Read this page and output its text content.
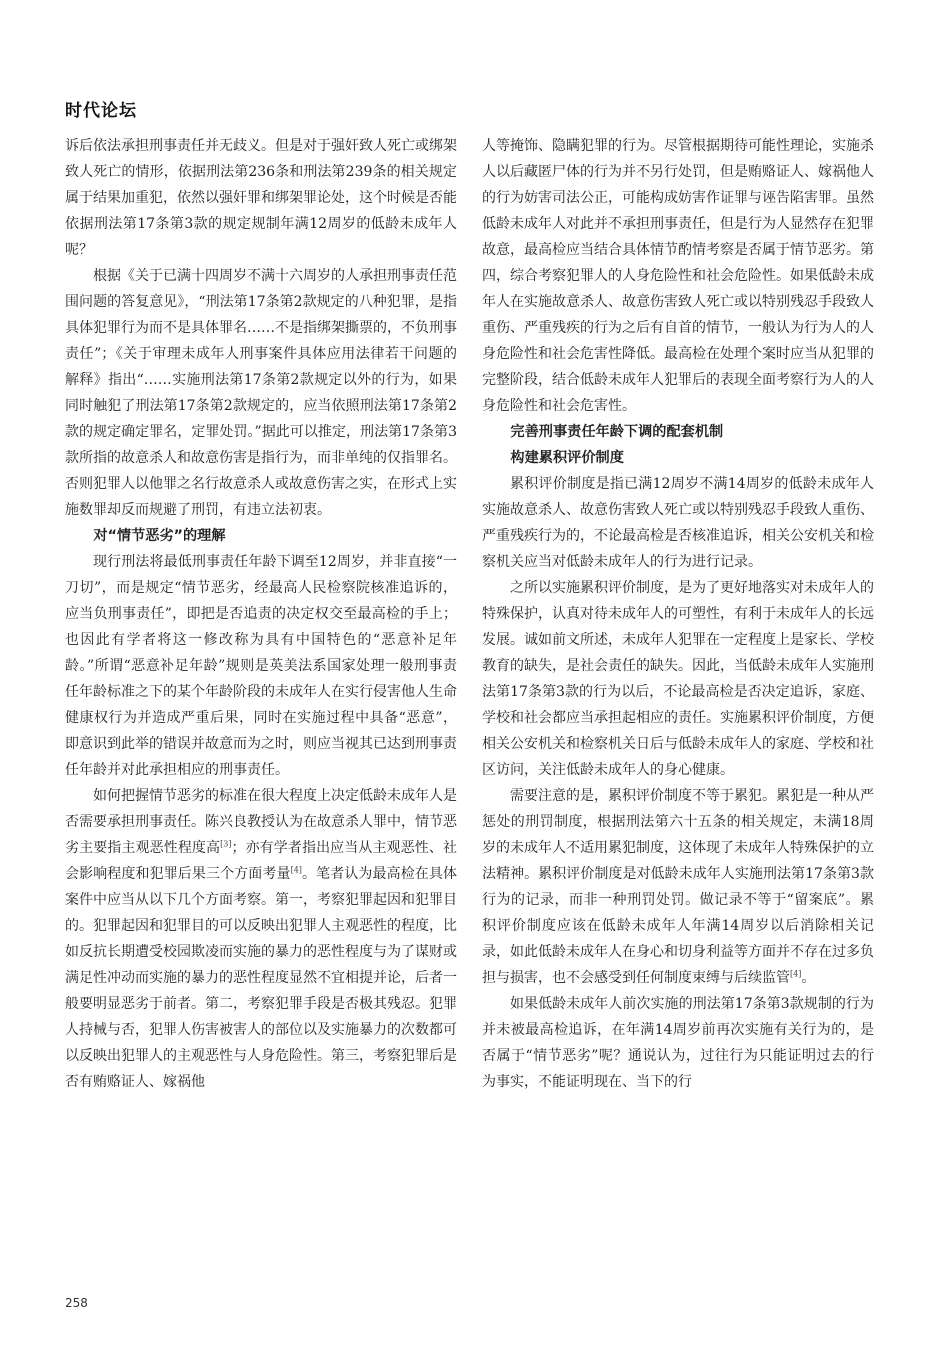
时代论坛

诉后依法承担刑事责任并无歧义。但是对于强奸致人死亡或绑架致人死亡的情形，依据刑法第236条和刑法第239条的相关规定属于结果加重犯，依然以强奸罪和绑架罪论处，这个时候是否能依据刑法第17条第3款的规定规制年满12周岁的低龄未成年人呢？

根据《关于已满十四周岁不满十六周岁的人承担刑事责任范围问题的答复意见》，“刑法第17条第2款规定的八种犯罪，是指具体犯罪行为而不是具体罪名……不是指绑架撕票的，不负刑事责任”；《关于审理未成年人刑事案件具体应用法律若干问题的解释》指出“……实施刑法第17条第2款规定以外的行为，如果同时触犯了刑法第17条第2款规定的，应当依照刑法第17条第2款的规定确定罪名，定罪处罚。”据此可以推定，刑法第17条第3款所指的故意杀人和故意伤害是指行为，而非单纯的仅指罪名。否则犯罪人以他罪之名行故意杀人或故意伤害之实，在形式上实施数罪却反而规避了刑罚，有违立法初衷。

对“情节恶劣”的理解

现行刑法将最低刑事责任年龄下调至12周岁，并非直接“一刀切”，而是规定“情节恶劣，经最高人民检察院核准追诉的，应当负刑事责任”，即把是否追责的决定权交至最高检的手上；也因此有学者将这一修改称为具有中国特色的“恶意补足年龄。”所谓“恶意补足年龄”规则是英美法系国家处理一般刑事责任年龄标准之下的某个年龄阶段的未成年人在实行侵害他人生命健康权行为并造成严重后果，同时在实施过程中具备“恶意”，即意识到此举的错误并故意而为之时，则应当视其已达到刑事责任年龄并对此承担相应的刑事责任。

如何把握情节恶劣的标准在很大程度上决定低龄未成年人是否需要承担刑事责任。陈兴良教授认为在故意杀人罪中，情节恶劣主要指主观恶性程度高[3]；亦有学者指出应当从主观恶性、社会影响程度和犯罪后果三个方面考量[4]。笔者认为最高检在具体案件中应当从以下几个方面考察。第一，考察犯罪起因和犯罪目的。犯罪起因和犯罪目的可以反映出犯罪人主观恶性的程度，比如反抗长期遭受校园欺凌而实施的暴力的恶性程度与为了谋财或满足性冲动而实施的暴力的恶性程度显然不宜相提并论，后者一般要明显恶劣于前者。第二，考察犯罪手段是否极其残忍。犯罪人持械与否，犯罪人伤害被害人的部位以及实施暴力的次数都可以反映出犯罪人的主观恶性与人身危险性。第三，考察犯罪后是否有贿赂证人、嫁祸他

人等掩饰、隐瞒犯罪的行为。尽管根据期待可能性理论，实施杀人以后藏匿尸体的行为并不另行处罚，但是贿赂证人、嫁祸他人的行为妨害司法公正，可能构成妨害作证罪与诬告陷害罪。虽然低龄未成年人对此并不承担刑事责任，但是行为人显然存在犯罪故意，最高检应当结合具体情节酌情考察是否属于情节恶劣。第四，综合考察犯罪人的人身危险性和社会危险性。如果低龄未成年人在实施故意杀人、故意伤害致人死亡或以特别残忍手段致人重伤、严重残疾的行为之后有自首的情节，一般认为行为人的人身危险性和社会危害性降低。最高检在处理个案时应当从犯罪的完整阶段，结合低龄未成年人犯罪后的表现全面考察行为人的人身危险性和社会危害性。

完善刑事责任年龄下调的配套机制
构建累积评价制度

累积评价制度是指已满12周岁不满14周岁的低龄未成年人实施故意杀人、故意伤害致人死亡或以特别残忍手段致人重伤、严重残疾行为的，不论最高检是否核准追诉，相关公安机关和检察机关应当对低龄未成年人的行为进行记录。

之所以实施累积评价制度，是为了更好地落实对未成年人的特殊保护，认真对待未成年人的可塑性，有利于未成年人的长远发展。诚如前文所述，未成年人犯罪在一定程度上是家长、学校教育的缺失，是社会责任的缺失。因此，当低龄未成年人实施刑法第17条第3款的行为以后，不论最高检是否决定追诉，家庭、学校和社会都应当承担起相应的责任。实施累积评价制度，方便相关公安机关和检察机关日后与低龄未成年人的家庭、学校和社区访问，关注低龄未成年人的身心健康。

需要注意的是，累积评价制度不等于累犯。累犯是一种从严惩处的刑罚制度，根据刑法第六十五条的相关规定，未满18周岁的未成年人不适用累犯制度，这体现了未成年人特殊保护的立法精神。累积评价制度是对低龄未成年人实施刑法第17条第3款行为的记录，而非一种刑罚处罚。做记录不等于“留案底”。累积评价制度应该在低龄未成年人年满14周岁以后消除相关记录，如此低龄未成年人在身心和切身利益等方面并不存在过多负担与损害，也不会感受到任何制度束缚与后续监管[4]。

如果低龄未成年人前次实施的刑法第17条第3款规制的行为并未被最高检追诉，在年满14周岁前再次实施有关行为的，是否属于“情节恶劣”呢？通说认为，过往行为只能证明过去的行为事实，不能证明现在、当下的行

258
